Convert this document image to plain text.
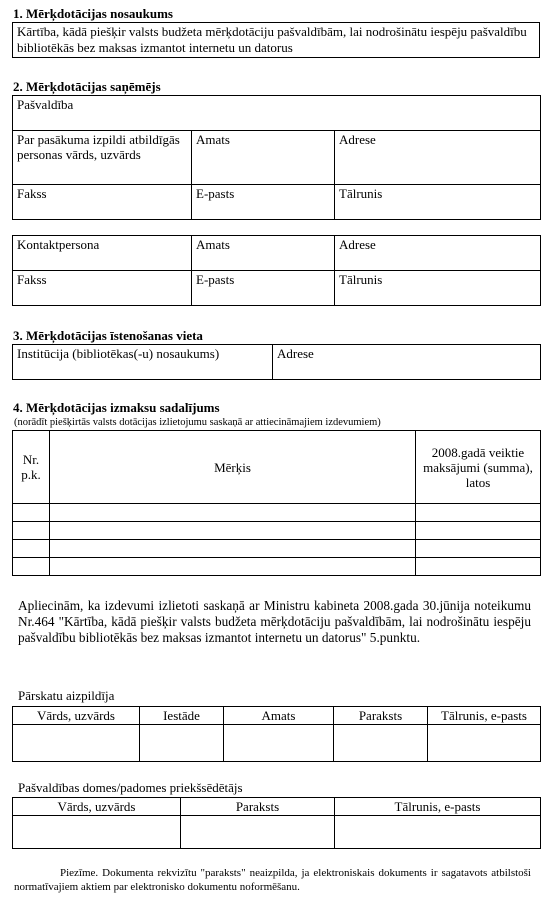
1. Mērķdotācijas nosaukums
Kārtība, kādā piešķir valsts budžeta mērķdotāciju pašvaldībām, lai nodrošinātu iespēju pašvaldību bibliotēkās bez maksas izmantot internetu un datorus
2. Mērķdotācijas saņēmējs
Pašvaldība		
Par pasākuma izpildi atbildīgās personas vārds, uzvārds	Amats	Adrese
Fakss	E-pasts	Tālrunis
Kontaktpersona	Amats	Adrese
Fakss	E-pasts	Tālrunis
3. Mērķdotācijas īstenošanas vieta
Institūcija (bibliotēkas(-u) nosaukums)	Adrese
4. Mērķdotācijas izmaksu sadalījums
(norādīt piešķirtās valsts dotācijas izlietojumu saskaņā ar attiecināmajiem izdevumiem)
Nr. p.k.	Mērķis	2008.gadā veiktie maksājumi (summa), latos

Apliecinām, ka izdevumi izlietoti saskaņā ar Ministru kabineta 2008.gada 30.jūnija noteikumu Nr.464 "Kārtība, kādā piešķir valsts budžeta mērķdotāciju pašvaldībām, lai nodrošinātu iespēju pašvaldību bibliotēkās bez maksas izmantot internetu un datorus" 5.punktu.
Pārskatu aizpildīja
Vārds, uzvārds	Iestāde	Amats	Paraksts	Tālrunis, e-pasts

Pašvaldības domes/padomes priekšsēdētājs
Vārds, uzvārds	Paraksts	Tālrunis, e-pasts

Piezīme. Dokumenta rekvizītu "paraksts" neaizpilda, ja elektroniskais dokuments ir sagatavots atbilstoši normatīvajiem aktiem par elektronisko dokumentu noformēšanu.
